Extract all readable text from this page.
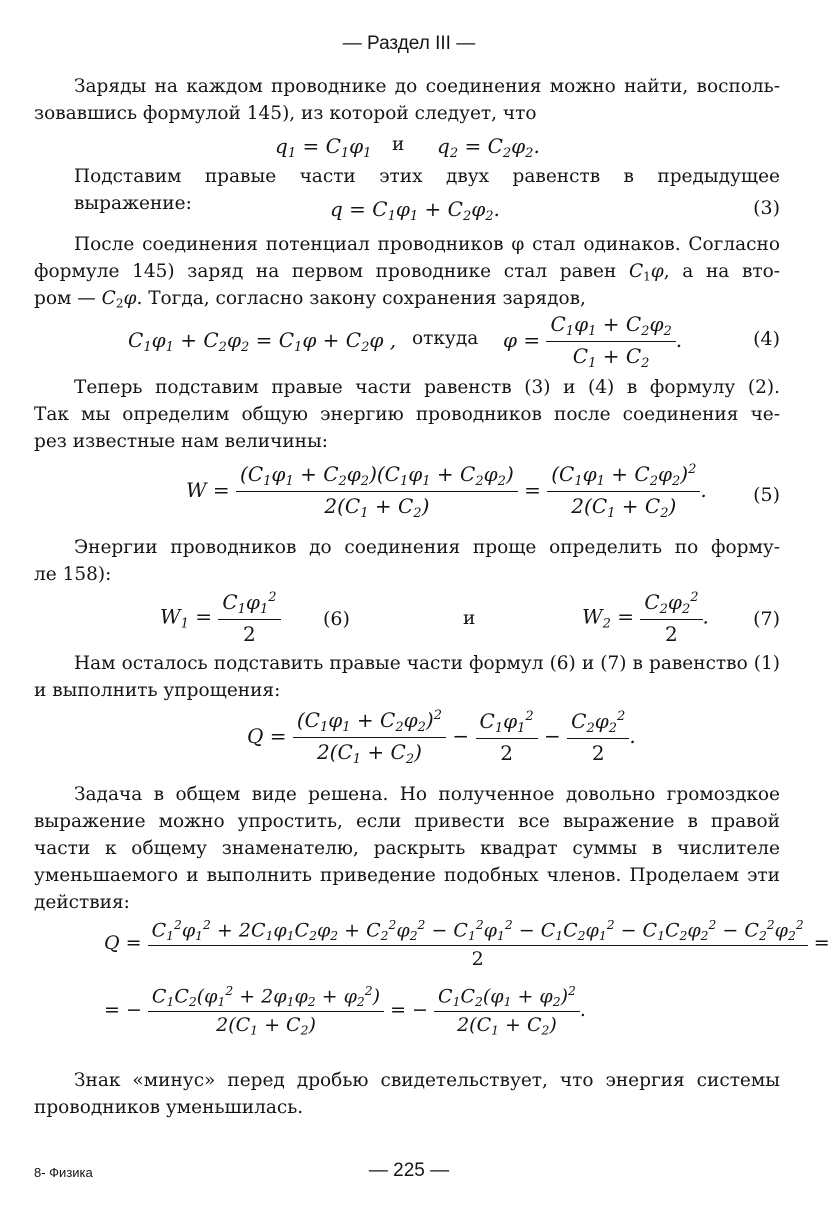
— Раздел III —
Заряды на каждом проводнике до соединения можно найти, восполь-
зовавшись формулой 145), из которой следует, что
$q_1 = C_1\varphi_1$ и $q_2 = C_2\varphi_2$.
Подставим правые части этих двух равенств в предыдущее выражение:	$q = C_1\varphi_1 + C_2\varphi_2$.	(3)
После соединения потенциал проводников φ стал одинаков. Согласно
формуле 145) заряд на первом проводнике стал равен $C_1\varphi$, а на вто-
ром — $C_2\varphi$. Тогда, согласно закону сохранения зарядов,
$C_1\varphi_1 + C_2\varphi_2 = C_1\varphi + C_2\varphi$ , откуда $\varphi = \frac{C_1\varphi_1 + C_2\varphi_2}{C_1 + C_2}$ .	(4)
Теперь подставим правые части равенств (3) и (4) в формулу (2).
Так мы определим общую энергию проводников после соединения че-
рез известные нам величины:
$W = \frac{(C_1\varphi_1 + C_2\varphi_2)(C_1\varphi_1 + C_2\varphi_2)}{2(C_1 + C_2)} = \frac{(C_1\varphi_1 + C_2\varphi_2)^2}{2(C_1 + C_2)}$ . (5)
Энергии проводников до соединения проще определить по форму-
ле 158):
$W_1 = \frac{C_1\varphi_1^2}{2} (6)$	и	$W_2 = \frac{C_2\varphi_2^2}{2}$ . (7)
Нам осталось подставить правые части формул (6) и (7) в равенство (1)
и выполнить упрощения:
$Q = \frac{(C_1\varphi_1 + C_2\varphi_2)^2}{2(C_1 + C_2)} - \frac{C_1\varphi_1^2}{2} - \frac{C_2\varphi_2^2}{2}$ .
Задача в общем виде решена. Но полученное довольно громоздкое
выражение можно упростить, если привести все выражение в правой
части к общему знаменателю, раскрыть квадрат суммы в числителе
уменьшаемого и выполнить приведение подобных членов. Проделаем эти
действия:
Q =
$C_1^2\varphi_1^2 + 2C_1\varphi_1C_2\varphi_2 + C_2^2\varphi_2^2 - C_1^2\varphi_1^2 - C_1C_2\varphi_1^2 - C_1C_2\varphi_2^2 - C_2^2\varphi_2^2$
2
=
= − $\frac{C_1C_2(\varphi_1^2 + 2\varphi_1\varphi_2 + \varphi_2^2)}{2(C_1 + C_2)}$ = − $\frac{C_1C_2(\varphi_1 + \varphi_2)^2}{2(C_1 + C_2)}$ .
Знак «минус» перед дробью свидетельствует, что энергия системы
проводников уменьшилась.
8- Физика	— 225 —
